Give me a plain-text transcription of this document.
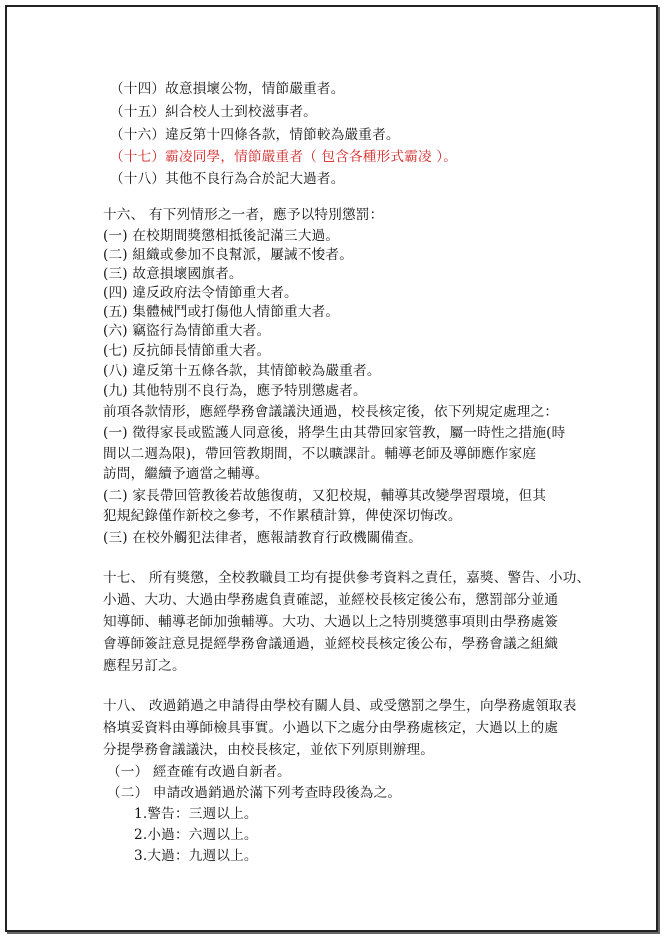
（十四）故意損壞公物，情節嚴重者。
（十五）糾合校人士到校滋事者。
（十六）違反第十四條各款，情節較為嚴重者。
（十七）霸凌同學，情節嚴重者（ 包含各種形式霸凌 ）。
（十八）其他不良行為合於記大過者。
十六、 有下列情形之一者，應予以特別懲罰：
(一) 在校期間獎懲相抵後記滿三大過。
(二) 組織或參加不良幫派，屢誡不悛者。
(三) 故意損壞國旗者。
(四) 違反政府法令情節重大者。
(五) 集體械鬥或打傷他人情節重大者。
(六) 竊盜行為情節重大者。
(七) 反抗師長情節重大者。
(八) 違反第十五條各款，其情節較為嚴重者。
(九) 其他特別不良行為，應予特別懲處者。
前項各款情形，應經學務會議議決通過，校長核定後，依下列規定處理之：
(一) 徵得家長或監護人同意後，將學生由其帶回家管教，屬一時性之措施(時
間以二週為限)，帶回管教期間，不以曠課計。輔導老師及導師應作家庭
訪問，繼續予適當之輔導。
(二) 家長帶回管教後若故態復萌，又犯校規，輔導其改變學習環境，但其
犯規紀錄僅作新校之參考，不作累積計算，俾使深切悔改。
(三) 在校外觸犯法律者，應報請教育行政機關備查。
十七、 所有獎懲，全校教職員工均有提供參考資料之責任，嘉獎、警告、小功、
小過、大功、大過由學務處負責確認，並經校長核定後公布，懲罰部分並通
知導師、輔導老師加強輔導。大功、大過以上之特別獎懲事項則由學務處簽
會導師簽註意見提經學務會議通過，並經校長核定後公布，學務會議之組織
應程另訂之。
十八、 改過銷過之申請得由學校有關人員、或受懲罰之學生，向學務處領取表
格填妥資料由導師檢具事實。小過以下之處分由學務處核定，大過以上的處
分提學務會議議決，由校長核定，並依下列原則辦理。
（一） 經查確有改過自新者。
（二） 申請改過銷過於滿下列考查時段後為之。
1.警告：三週以上。
2.小過：六週以上。
3.大過：九週以上。
